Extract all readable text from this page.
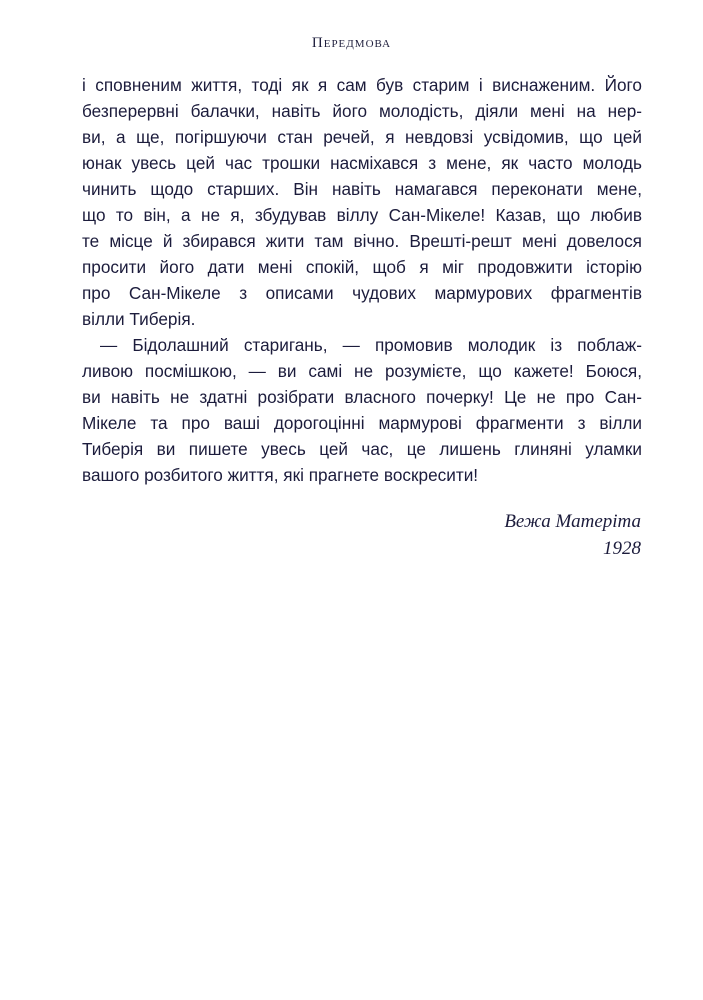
Передмова
і сповненим життя, тоді як я сам був старим і виснаженим. Його
безперервні балачки, навіть його молодість, діяли мені на нер-
ви, а ще, погіршуючи стан речей, я невдовзі усвідомив, що цей
юнак увесь цей час трошки насміхався з мене, як часто молодь
чинить щодо старших. Він навіть намагався переконати мене,
що то він, а не я, збудував віллу Сан-Мікеле! Казав, що любив
те місце й збирався жити там вічно. Врешті-решт мені довелося
просити його дати мені спокій, щоб я міг продовжити історію
про Сан-Мікеле з описами чудових мармурових фрагментів
вілли Тиберія.
— Бідолашний старигань, — промовив молодик із поблаж-
ливою посмішкою, — ви самі не розумієте, що кажете! Боюся,
ви навіть не здатні розібрати власного почерку! Це не про Сан-
Мікеле та про ваші дорогоцінні мармурові фрагменти з вілли
Тиберія ви пишете увесь цей час, це лишень глиняні уламки
вашого розбитого життя, які прагнете воскресити!
Вежа Матеріта
1928
